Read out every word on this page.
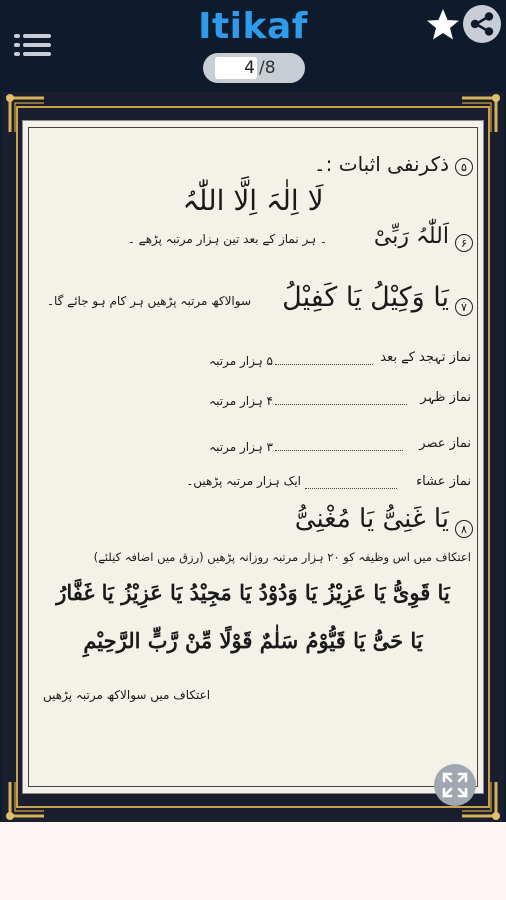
Itikaf
4 /8
۵
ذکرنفی اثبات :۔
لَا اِلٰہَ اِلَّا اللّٰہُ
۶
اَللّٰہُ رَبِّیْ
۔ ہر نماز کے بعد تین ہزار مرتبہ پڑھے ۔
۷
یَا وَکِیْلُ یَا کَفِیْلُ
سوالاکھ مرتبہ پڑھیں ہر کام ہو جائے گا۔
نماز تہجد کے بعد
۵ ہزار مرتبہ
نماز ظہر
۴ ہزار مرتبہ
نماز عصر
۳ ہزار مرتبہ
نماز عشاء
ایک ہزار مرتبہ پڑھیں۔
۸
یَا غَنِیُّ یَا مُغْنِیُّ
اعتکاف میں اس وظیفہ کو ۲۰ ہزار مرتبہ روزانہ پڑھیں (رزق میں اضافہ کیلئے)
یَا قَوِیُّ یَا عَزِیْزُ یَا وَدُوْدُ یَا مَجِیْدُ یَا عَزِیْزُ یَا غَفَّارُ
یَا حَیُّ یَا قَیُّوْمُ سَلٰمٌ قَوْلًا مِّنْ رَّبٍّ الرَّحِیْمِ
اعتکاف میں سوالاکھ مرتبہ پڑھیں
